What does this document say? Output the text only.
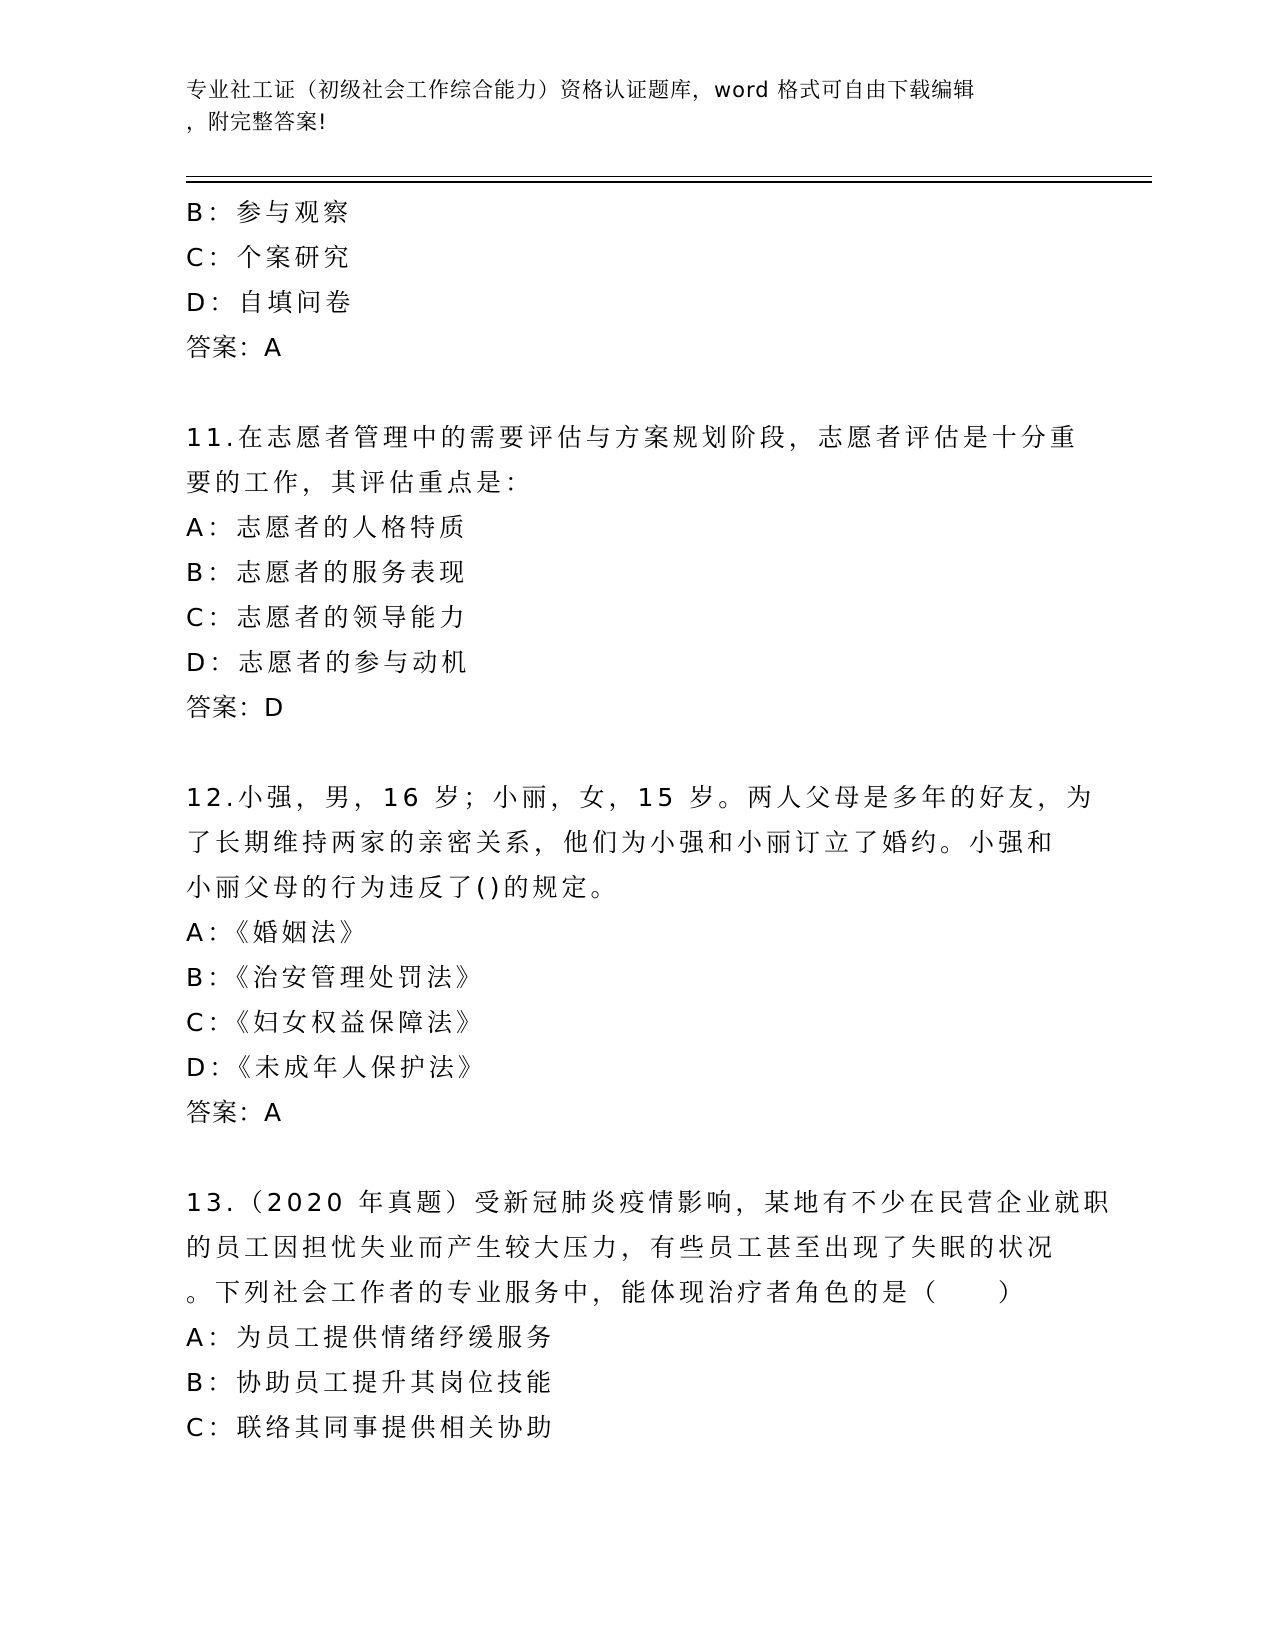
专业社工证（初级社会工作综合能力）资格认证题库，word 格式可自由下载编辑
，附完整答案!
B：参与观察
C：个案研究
D：自填问卷
答案：A
11.在志愿者管理中的需要评估与方案规划阶段，志愿者评估是十分重
要的工作，其评估重点是：
A：志愿者的人格特质
B：志愿者的服务表现
C：志愿者的领导能力
D：志愿者的参与动机
答案：D
12.小强，男，16 岁；小丽，女，15 岁。两人父母是多年的好友，为
了长期维持两家的亲密关系，他们为小强和小丽订立了婚约。小强和
小丽父母的行为违反了()的规定。
A：《婚姻法》
B：《治安管理处罚法》
C：《妇女权益保障法》
D：《未成年人保护法》
答案：A
13.（2020 年真题）受新冠肺炎疫情影响，某地有不少在民营企业就职
的员工因担忧失业而产生较大压力，有些员工甚至出现了失眠的状况
。下列社会工作者的专业服务中，能体现治疗者角色的是（　　）
A：为员工提供情绪纾缓服务
B：协助员工提升其岗位技能
C：联络其同事提供相关协助
